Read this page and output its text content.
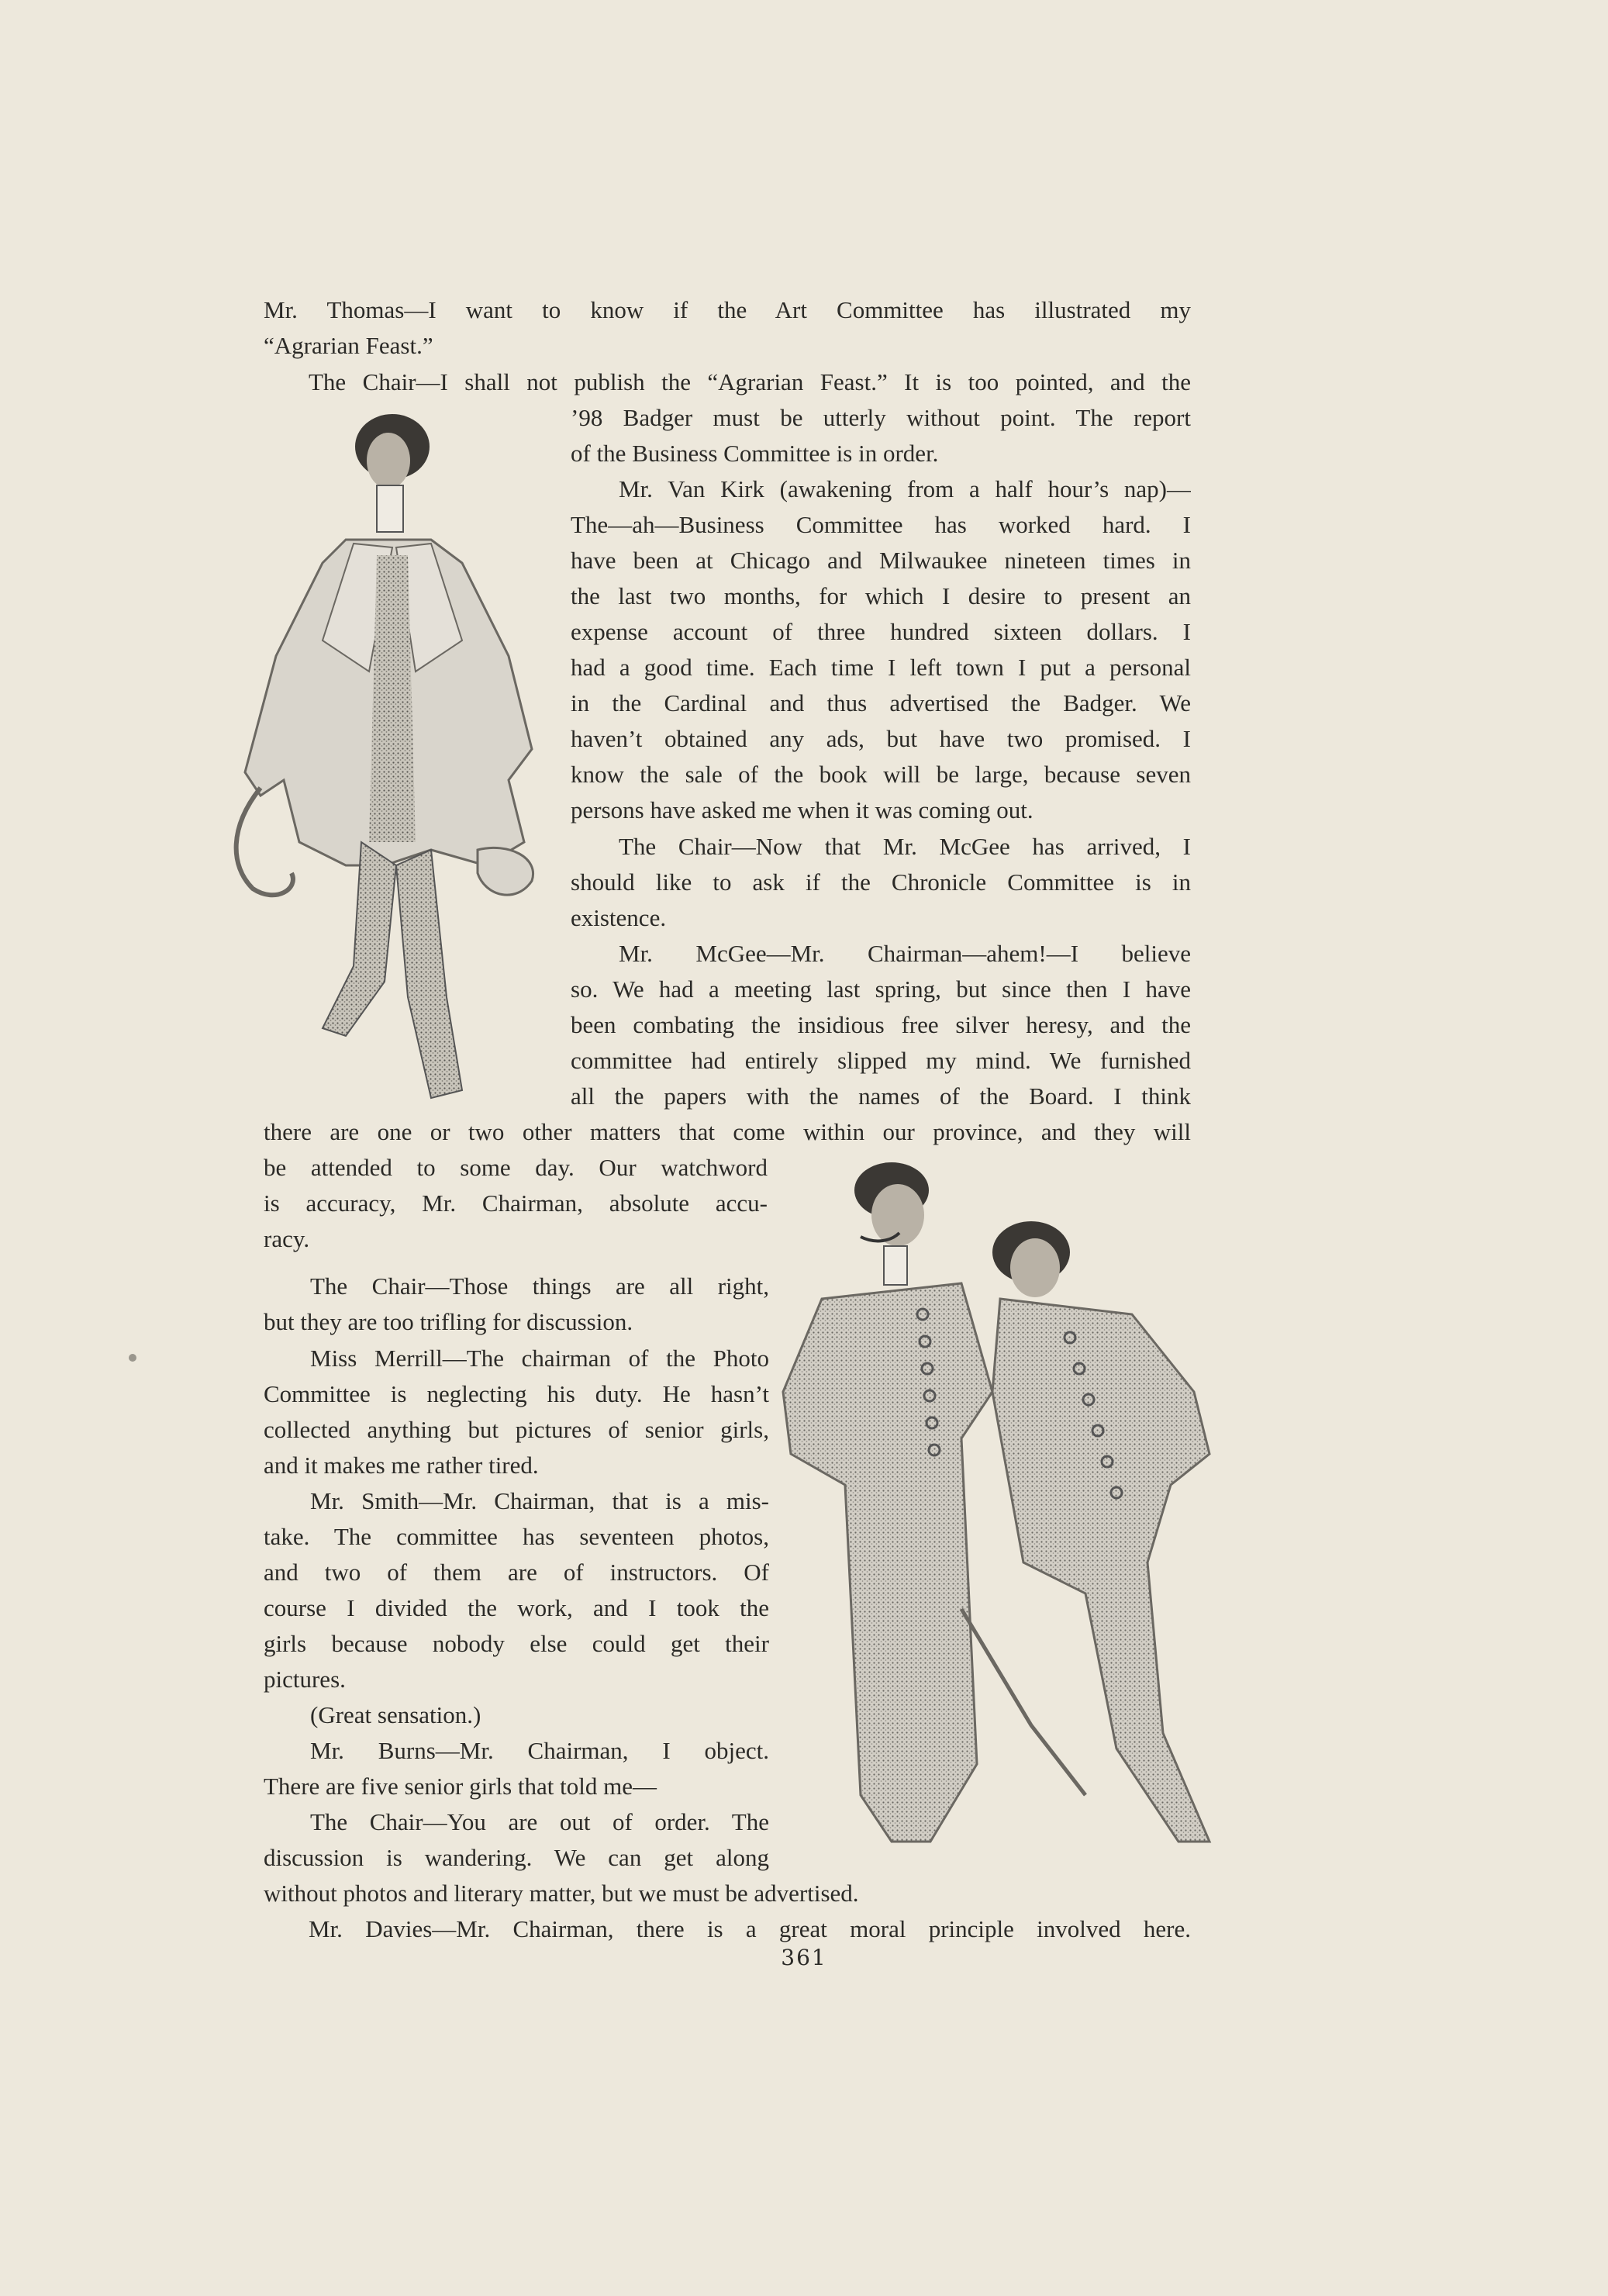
Mr. Thomas—I want to know if the Art Committee has illustrated my
“Agrarian Feast.”
The Chair—I shall not publish the “Agrarian Feast.” It is too pointed, and the
’98 Badger must be utterly without point. The report
of the Business Committee is in order.
Mr. Van Kirk (awakening from a half hour’s nap)—
The—ah—Business Committee has worked hard. I
have been at Chicago and Milwaukee nineteen times in
the last two months, for which I desire to present an
expense account of three hundred sixteen dollars. I
had a good time. Each time I left town I put a personal
in the Cardinal and thus advertised the Badger. We
haven’t obtained any ads, but have two promised. I
know the sale of the book will be large, because seven
persons have asked me when it was coming out.
The Chair—Now that Mr. McGee has arrived, I
should like to ask if the Chronicle Committee is in
existence.
Mr. McGee—Mr. Chairman—ahem!—I believe
so. We had a meeting last spring, but since then I have
been combating the insidious free silver heresy, and the
committee had entirely slipped my mind. We furnished
all the papers with the names of the Board. I think
there are one or two other matters that come within our province, and they will
be attended to some day. Our watchword
is accuracy, Mr. Chairman, absolute accu-
racy.
The Chair—Those things are all right,
but they are too trifling for discussion.
Miss Merrill—The chairman of the Photo
Committee is neglecting his duty. He hasn’t
collected anything but pictures of senior girls,
and it makes me rather tired.
Mr. Smith—Mr. Chairman, that is a mis-
take. The committee has seventeen photos,
and two of them are of instructors. Of
course I divided the work, and I took the
girls because nobody else could get their
pictures.
(Great sensation.)
Mr. Burns—Mr. Chairman, I object.
There are five senior girls that told me—
The Chair—You are out of order. The
discussion is wandering. We can get along
without photos and literary matter, but we must be advertised.
Mr. Davies—Mr. Chairman, there is a great moral principle involved here.
361
